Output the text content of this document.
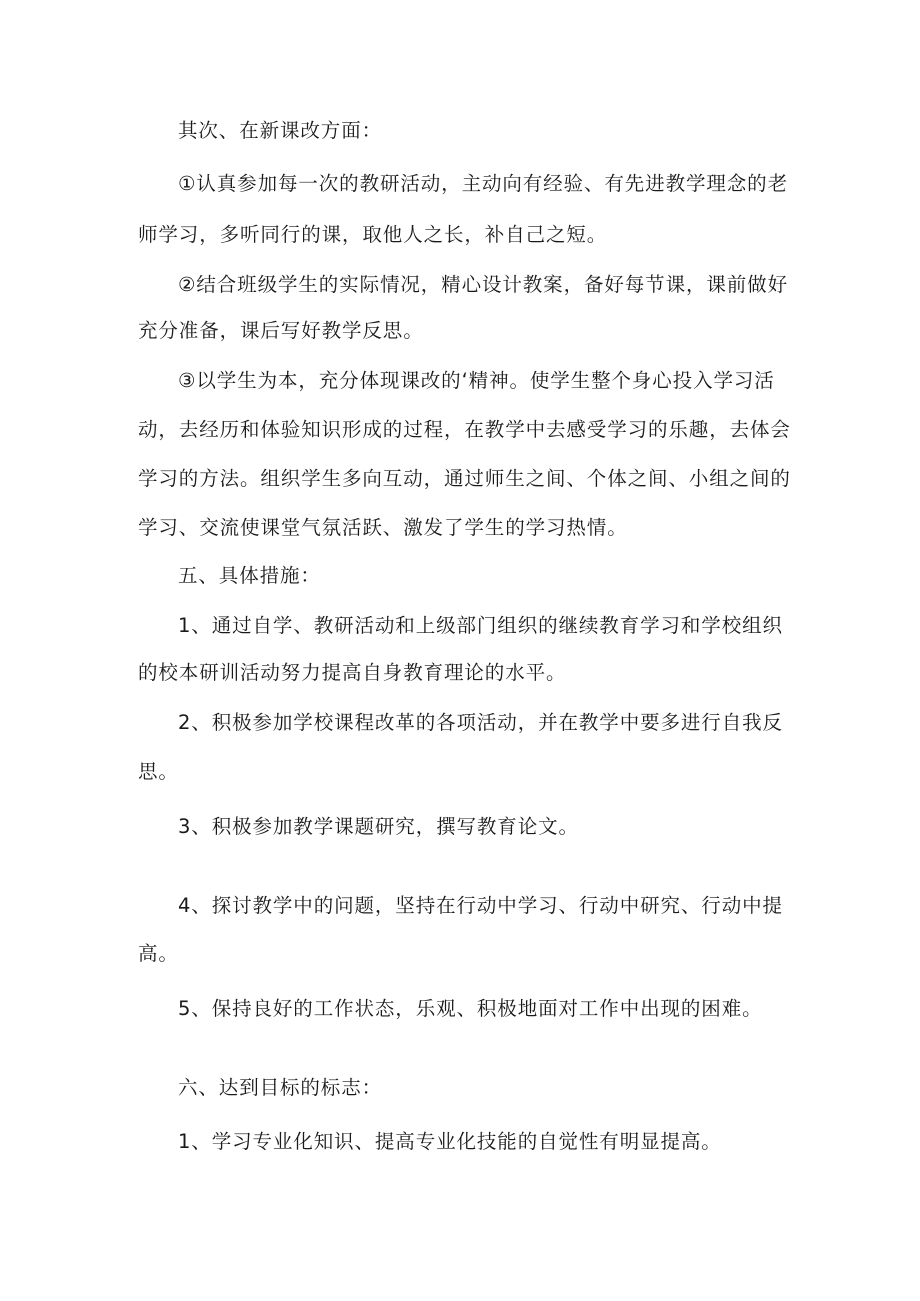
其次、在新课改方面：
①认真参加每一次的教研活动，主动向有经验、有先进教学理念的老
师学习，多听同行的课，取他人之长，补自己之短。
②结合班级学生的实际情况，精心设计教案，备好每节课，课前做好
充分准备，课后写好教学反思。
③以学生为本，充分体现课改的‘精神。使学生整个身心投入学习活
动，去经历和体验知识形成的过程，在教学中去感受学习的乐趣，去体会
学习的方法。组织学生多向互动，通过师生之间、个体之间、小组之间的
学习、交流使课堂气氛活跃、激发了学生的学习热情。
五、具体措施：
1、通过自学、教研活动和上级部门组织的继续教育学习和学校组织
的校本研训活动努力提高自身教育理论的水平。
2、积极参加学校课程改革的各项活动，并在教学中要多进行自我反
思。
3、积极参加教学课题研究，撰写教育论文。
4、探讨教学中的问题，坚持在行动中学习、行动中研究、行动中提
高。
5、保持良好的工作状态，乐观、积极地面对工作中出现的困难。
六、达到目标的标志：
1、学习专业化知识、提高专业化技能的自觉性有明显提高。
